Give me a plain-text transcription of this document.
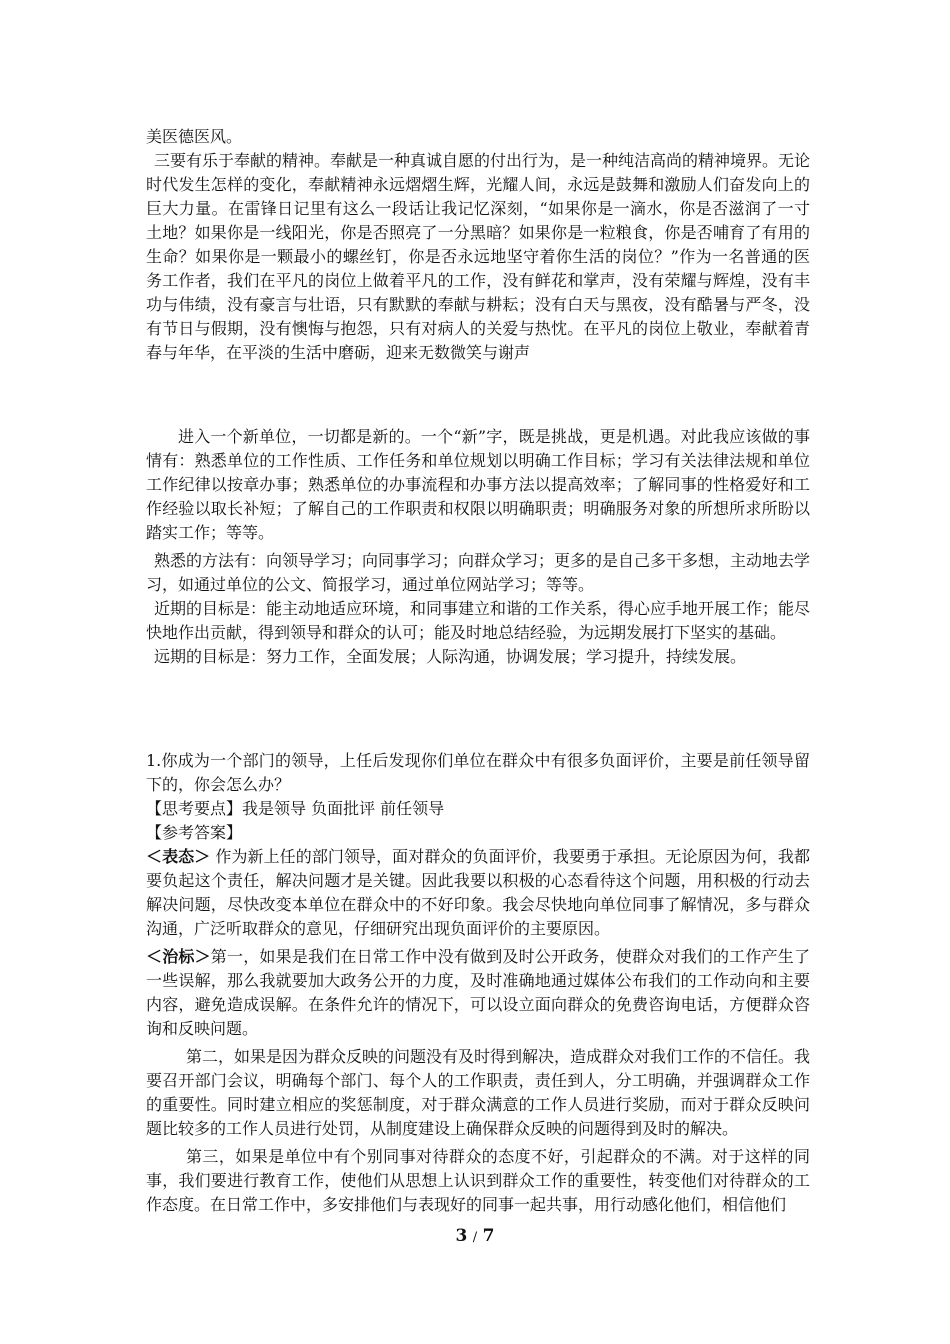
美医德医风。

三要有乐于奉献的精神。奉献是一种真诚自愿的付出行为，是一种纯洁高尚的精神境界。无论时代发生怎样的变化，奉献精神永远熠熠生辉，光耀人间，永远是鼓舞和激励人们奋发向上的巨大力量。在雷锋日记里有这么一段话让我记忆深刻，“如果你是一滴水，你是否滋润了一寸土地？如果你是一线阳光，你是否照亮了一分黑暗？如果你是一粒粮食，你是否哺育了有用的生命？如果你是一颗最小的螺丝钉，你是否永远地坚守着你生活的岗位？”作为一名普通的医务工作者，我们在平凡的岗位上做着平凡的工作，没有鲜花和掌声，没有荣耀与辉煌，没有丰功与伟绩，没有豪言与壮语，只有默默的奉献与耕耘；没有白天与黑夜，没有酷暑与严冬，没有节日与假期，没有懊悔与抱怨，只有对病人的关爱与热忱。在平凡的岗位上敬业，奉献着青春与年华，在平淡的生活中磨砺，迎来无数微笑与谢声

进入一个新单位，一切都是新的。一个“新”字，既是挑战，更是机遇。对此我应该做的事情有：熟悉单位的工作性质、工作任务和单位规划以明确工作目标；学习有关法律法规和单位工作纪律以按章办事；熟悉单位的办事流程和办事方法以提高效率；了解同事的性格爱好和工作经验以取长补短；了解自己的工作职责和权限以明确职责；明确服务对象的所想所求所盼以踏实工作；等等。

熟悉的方法有：向领导学习；向同事学习；向群众学习；更多的是自己多干多想，主动地去学习，如通过单位的公文、简报学习，通过单位网站学习；等等。

近期的目标是：能主动地适应环境，和同事建立和谐的工作关系，得心应手地开展工作；能尽快地作出贡献，得到领导和群众的认可；能及时地总结经验，为远期发展打下坚实的基础。

远期的目标是：努力工作，全面发展；人际沟通，协调发展；学习提升，持续发展。

1.你成为一个部门的领导，上任后发现你们单位在群众中有很多负面评价，主要是前任领导留下的，你会怎么办？

【思考要点】我是领导 负面批评 前任领导

【参考答案】

＜表态＞ 作为新上任的部门领导，面对群众的负面评价，我要勇于承担。无论原因为何，我都要负起这个责任，解决问题才是关键。因此我要以积极的心态看待这个问题，用积极的行动去解决问题，尽快改变本单位在群众中的不好印象。我会尽快地向单位同事了解情况，多与群众沟通，广泛听取群众的意见，仔细研究出现负面评价的主要原因。

＜治标＞第一，如果是我们在日常工作中没有做到及时公开政务，使群众对我们的工作产生了一些误解，那么我就要加大政务公开的力度，及时准确地通过媒体公布我们的工作动向和主要内容，避免造成误解。在条件允许的情况下，可以设立面向群众的免费咨询电话，方便群众咨询和反映问题。

第二，如果是因为群众反映的问题没有及时得到解决，造成群众对我们工作的不信任。我要召开部门会议，明确每个部门、每个人的工作职责，责任到人，分工明确，并强调群众工作的重要性。同时建立相应的奖惩制度，对于群众满意的工作人员进行奖励，而对于群众反映问题比较多的工作人员进行处罚，从制度建设上确保群众反映的问题得到及时的解决。

第三，如果是单位中有个别同事对待群众的态度不好，引起群众的不满。对于这样的同事，我们要进行教育工作，使他们从思想上认识到群众工作的重要性，转变他们对待群众的工作态度。在日常工作中，多安排他们与表现好的同事一起共事，用行动感化他们，相信他们

3 / 7
